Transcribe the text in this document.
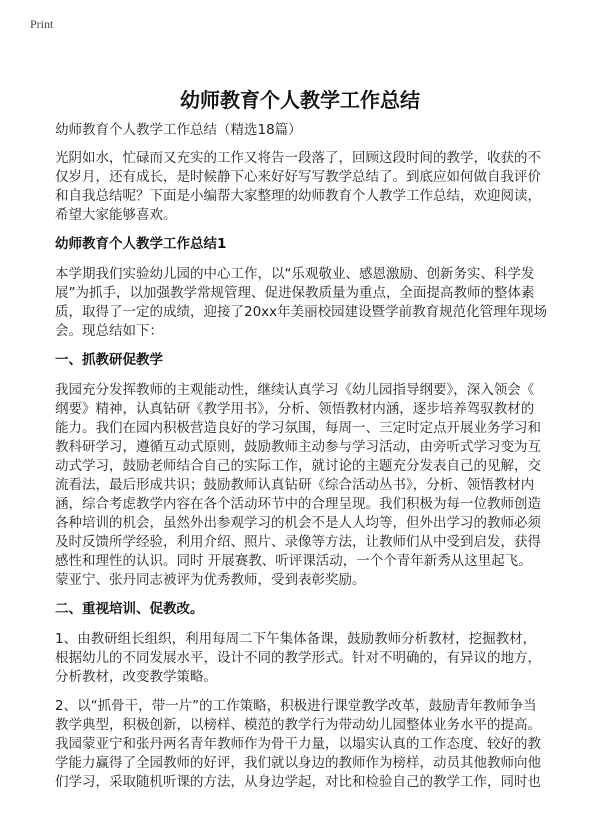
Print
幼师教育个人教学工作总结
幼师教育个人教学工作总结（精选18篇）
光阴如水，忙碌而又充实的工作又将告一段落了，回顾这段时间的教学，收获的不
仅岁月，还有成长，是时候静下心来好好写写教学总结了。到底应如何做自我评价
和自我总结呢？下面是小编帮大家整理的幼师教育个人教学工作总结，欢迎阅读，
希望大家能够喜欢。
幼师教育个人教学工作总结1
本学期我们实验幼儿园的中心工作，以“乐观敬业、感恩激励、创新务实、科学发
展”为抓手，以加强教学常规管理、促进保教质量为重点，全面提高教师的整体素
质，取得了一定的成绩，迎接了20xx年美丽校园建设暨学前教育规范化管理年现场
会。现总结如下：
一、抓教研促教学
我园充分发挥教师的主观能动性，继续认真学习《幼儿园指导纲要》，深入领会《
纲要》精神，认真钻研《教学用书》，分析、领悟教材内涵，逐步培养驾驭教材的
能力。我们在园内积极营造良好的学习氛围，每周一、三定时定点开展业务学习和
教科研学习，遵循互动式原则，鼓励教师主动参与学习活动，由旁听式学习变为互
动式学习，鼓励老师结合自己的实际工作，就讨论的主题充分发表自己的见解，交
流看法，最后形成共识；鼓励教师认真钻研《综合活动丛书》，分析、领悟教材内
涵，综合考虑教学内容在各个活动环节中的合理呈现。我们积极为每一位教师创造
各种培训的机会，虽然外出参观学习的机会不是人人均等，但外出学习的教师必须
及时反馈所学经验，利用介绍、照片、录像等方法，让教师们从中受到启发，获得
感性和理性的认识。同时 开展赛教、听评课活动，一个个青年新秀从这里起飞。
蒙亚宁、张丹同志被评为优秀教师，受到表彰奖励。
二、重视培训、促教改。
1、由教研组长组织，利用每周二下午集体备课，鼓励教师分析教材，挖掘教材，
根据幼儿的不同发展水平，设计不同的教学形式。针对不明确的，有异议的地方，
分析教材，改变教学策略。
2、以“抓骨干，带一片”的工作策略，积极进行课堂教学改革，鼓励青年教师争当
教学典型，积极创新，以榜样、模范的教学行为带动幼儿园整体业务水平的提高。
我园蒙亚宁和张丹两名青年教师作为骨干力量，以塌实认真的工作态度、较好的教
学能力赢得了全园教师的好评，我们就以身边的教师作为榜样，动员其他教师向他
们学习，采取随机听课的方法，从身边学起，对比和检验自己的教学工作，同时也
